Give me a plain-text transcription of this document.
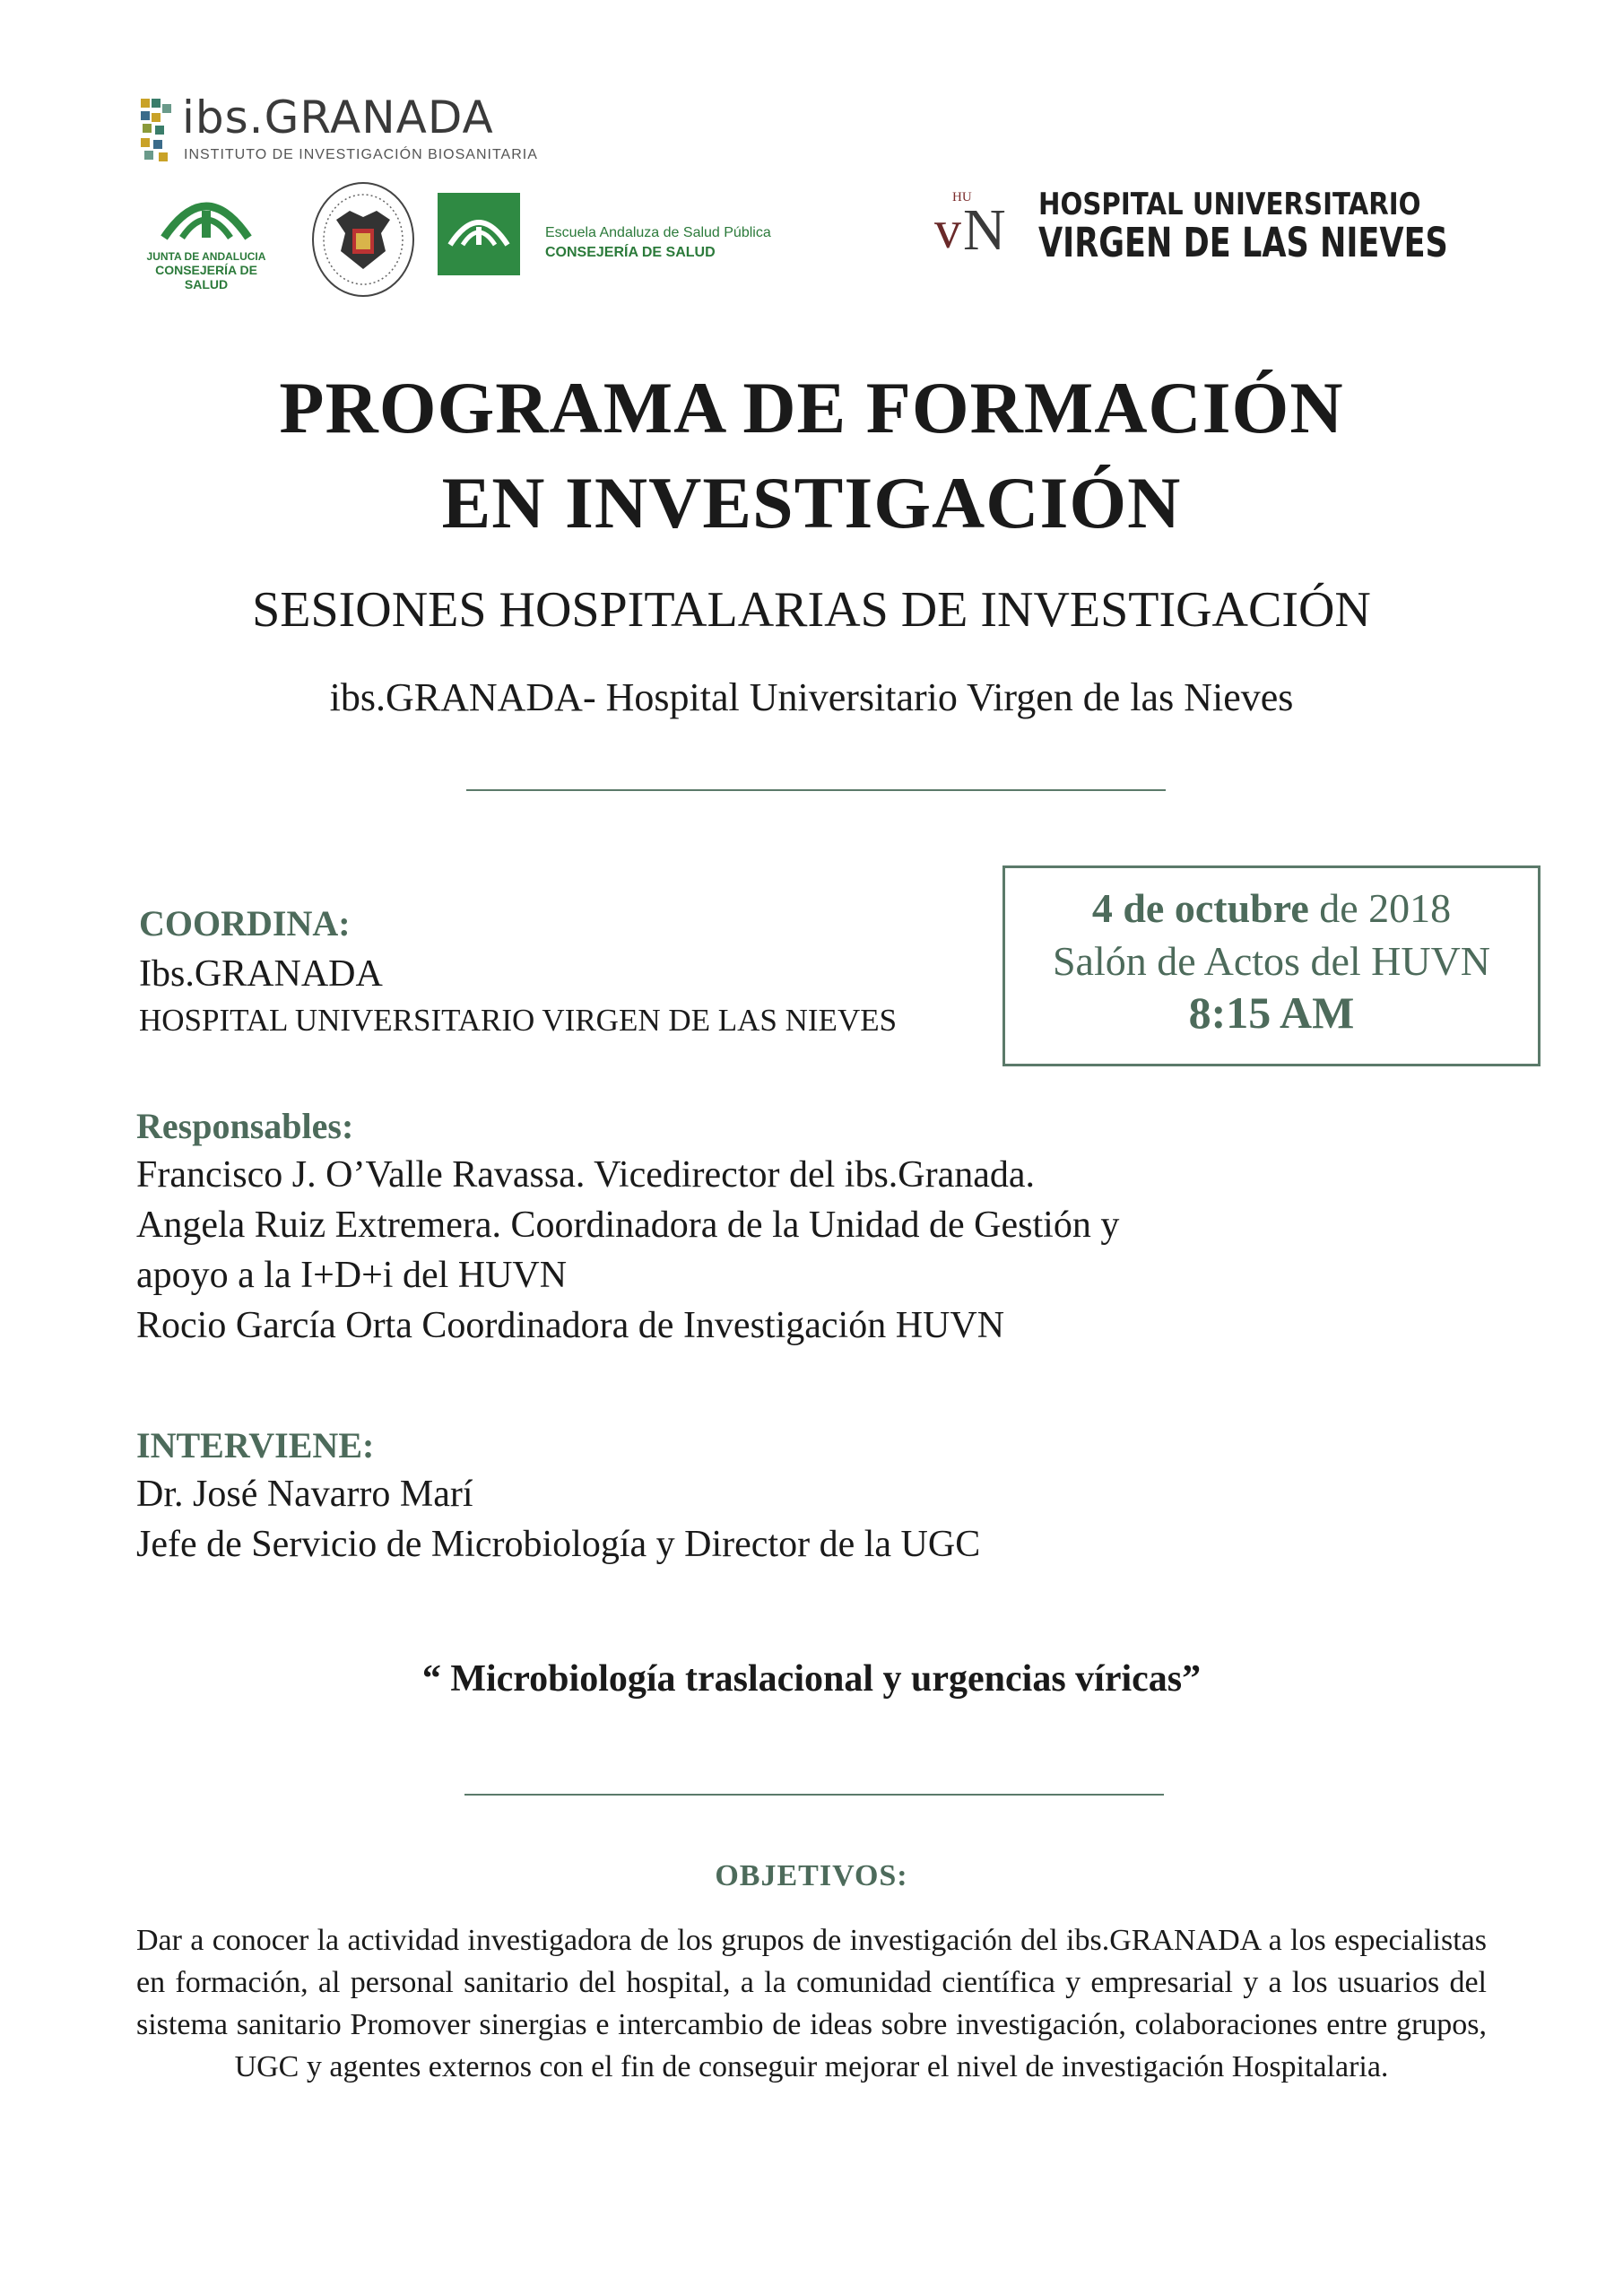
ibs.GRANADA
INSTITUTO DE INVESTIGACIÓN BIOSANITARIA
JUNTA DE ANDALUCIA
CONSEJERÍA DE SALUD
Escuela Andaluza de Salud Pública
CONSEJERÍA DE SALUD
HU
v N HOSPITAL UNIVERSITARIO
VIRGEN DE LAS NIEVES
PROGRAMA DE FORMACIÓN
EN INVESTIGACIÓN
SESIONES HOSPITALARIAS DE INVESTIGACIÓN
ibs.GRANADA- Hospital Universitario Virgen de las Nieves
COORDINA:
Ibs.GRANADA
HOSPITAL UNIVERSITARIO VIRGEN DE LAS NIEVES
4 de octubre de 2018
Salón de Actos del HUVN
8:15 AM
Responsables:
Francisco J. O’Valle Ravassa. Vicedirector del ibs.Granada.
Angela Ruiz Extremera. Coordinadora de la Unidad de Gestión y
apoyo a la I+D+i del HUVN
Rocio García Orta Coordinadora de Investigación HUVN
INTERVIENE:
Dr. José Navarro Marí
Jefe de Servicio de Microbiología y Director de la UGC
“ Microbiología traslacional y urgencias víricas”
OBJETIVOS:
Dar a conocer la actividad investigadora de los grupos de investigación del ibs.GRANADA a los especialistas en formación, al personal sanitario del hospital, a la comunidad científica y empresarial y a los usuarios del sistema sanitario Promover sinergias e intercambio de ideas sobre investigación, colaboraciones entre grupos, UGC y agentes externos con el fin de conseguir mejorar el nivel de investigación Hospitalaria.
